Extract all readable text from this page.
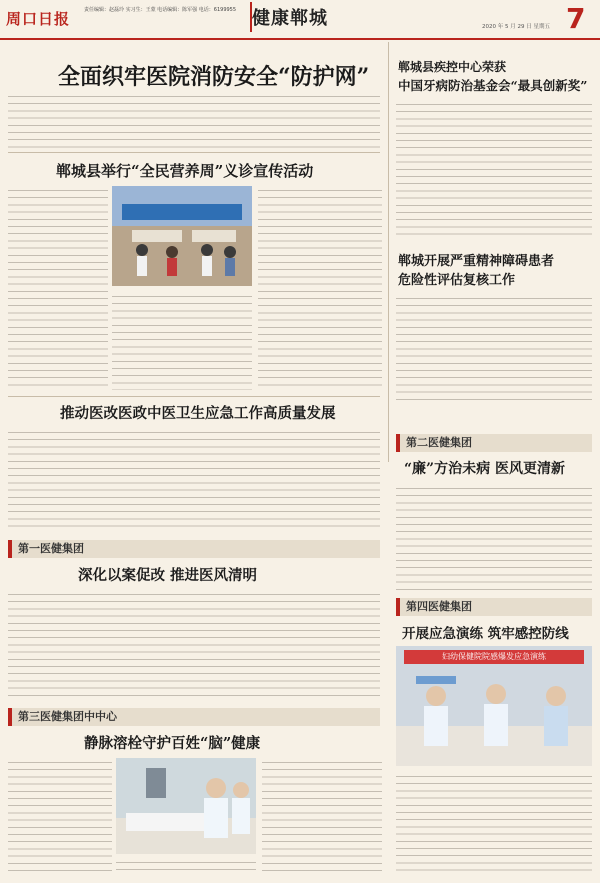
周口日报	责任编辑：赵磊玲 实习生：王蒙 电话编辑：陈军强 电话：6199955 健康郸城	2020 年 5 月 29 日 星期五 7
全面织牢医院消防安全“防护网” 郸城县疾控中心荣获
中国牙病防治基金会“最具创新奖”
郸城开展严重精神障碍患者
危险性评估复核工作
郸城县举行“全民营养周”义诊宣传活动
推动医改医政中医卫生应急工作高质量发展
第二医健集团
“廉”方治未病 医风更清新
第一医健集团
深化以案促改 推进医风清明
第四医健集团
开展应急演练 筑牢感控防线
妇幼保健院院感爆发应急演练
第三医健集团中中心
静脉溶栓守护百姓“脑”健康
